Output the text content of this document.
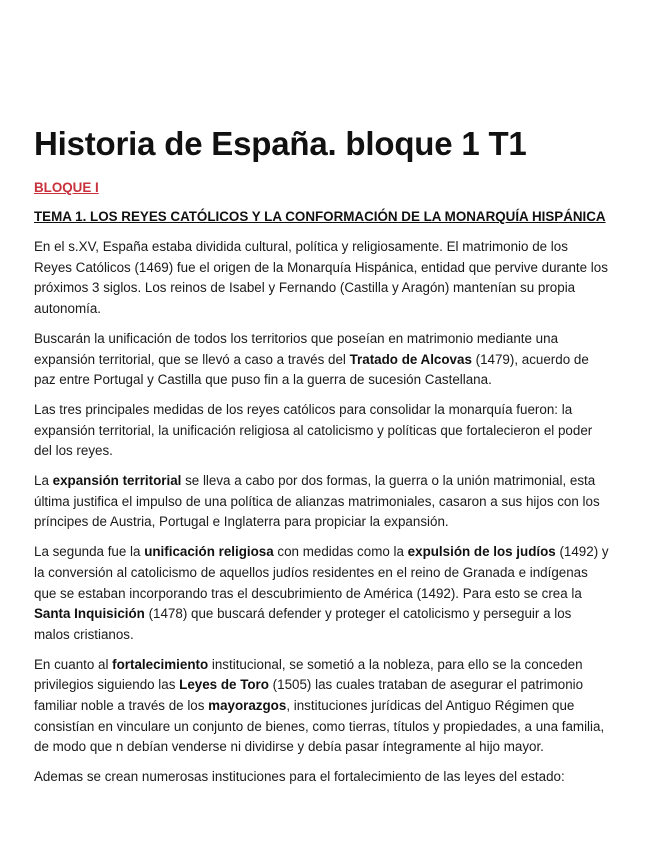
Historia de España. bloque 1 T1
BLOQUE I
TEMA 1. LOS REYES CATÓLICOS Y LA CONFORMACIÓN DE LA MONARQUÍA HISPÁNICA

En el s.XV, España estaba dividida cultural, política y religiosamente. El matrimonio de los Reyes Católicos (1469) fue el origen de la Monarquía Hispánica, entidad que pervive durante los próximos 3 siglos. Los reinos de Isabel y Fernando (Castilla y Aragón) mantenían su propia autonomía.

Buscarán la unificación de todos los territorios que poseían en matrimonio mediante una expansión territorial, que se llevó a caso a través del Tratado de Alcovas (1479), acuerdo de paz entre Portugal y Castilla que puso fin a la guerra de sucesión Castellana.

Las tres principales medidas de los reyes católicos para consolidar la monarquía fueron: la expansión territorial, la unificación religiosa al catolicismo y políticas que fortalecieron el poder del los reyes.

La expansión territorial se lleva a cabo por dos formas, la guerra o la unión matrimonial, esta última justifica el impulso de una política de alianzas matrimoniales, casaron a sus hijos con los príncipes de Austria, Portugal e Inglaterra para propiciar la expansión.

La segunda fue la unificación religiosa con medidas como la expulsión de los judíos (1492) y la conversión al catolicismo de aquellos judíos residentes en el reino de Granada e indígenas que se estaban incorporando tras el descubrimiento de América (1492). Para esto se crea la Santa Inquisición (1478) que buscará defender y proteger el catolicismo y perseguir a los malos cristianos.

En cuanto al fortalecimiento institucional, se sometió a la nobleza, para ello se la conceden privilegios siguiendo las Leyes de Toro (1505) las cuales trataban de asegurar el patrimonio familiar noble a través de los mayorazgos, instituciones jurídicas del Antiguo Régimen que consistían en vinculare un conjunto de bienes, como tierras, títulos y propiedades, a una familia, de modo que n debían venderse ni dividirse y debía pasar íntegramente al hijo mayor.

Ademas se crean numerosas instituciones para el fortalecimiento de las leyes del estado:
